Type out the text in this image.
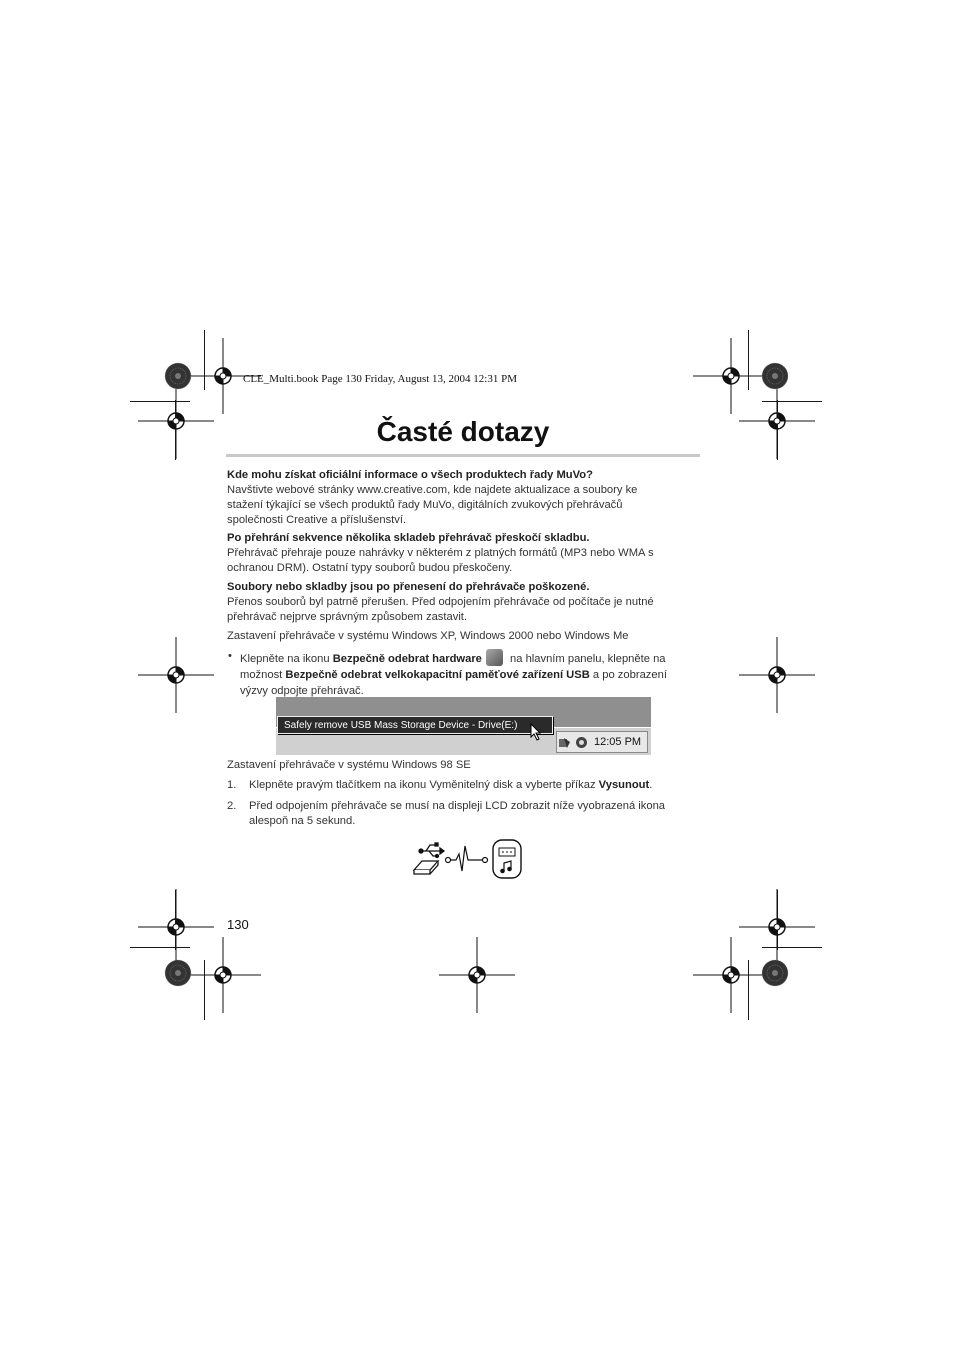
CLE_Multi.book Page 130 Friday, August 13, 2004 12:31 PM
Časté dotazy
Kde mohu získat oficiální informace o všech produktech řady MuVo?
Navštivte webové stránky www.creative.com, kde najdete aktualizace a soubory ke
stažení týkající se všech produktů řady MuVo, digitálních zvukových přehrávačů
společnosti Creative a příslušenství.
Po přehrání sekvence několika skladeb přehrávač přeskočí skladbu.
Přehrávač přehraje pouze nahrávky v některém z platných formátů (MP3 nebo WMA s
ochranou DRM). Ostatní typy souborů budou přeskočeny.
Soubory nebo skladby jsou po přenesení do přehrávače poškozené.
Přenos souborů byl patrně přerušen. Před odpojením přehrávače od počítače je nutné
přehrávač nejprve správným způsobem zastavit.
Zastavení přehrávače v systému Windows XP, Windows 2000 nebo Windows Me
• Klepněte na ikonu Bezpečně odebrat hardware na hlavním panelu, klepněte na
možnost Bezpečně odebrat velkokapacitní paměťové zařízení USB a po zobrazení
výzvy odpojte přehrávač.
12:05 PM
Safely remove USB Mass Storage Device - Drive(E:)
Zastavení přehrávače v systému Windows 98 SE
1. Klepněte pravým tlačítkem na ikonu Vyměnitelný disk a vyberte příkaz Vysunout.
2. Před odpojením přehrávače se musí na displeji LCD zobrazit níže vyobrazená ikona
alespoň na 5 sekund.
130
